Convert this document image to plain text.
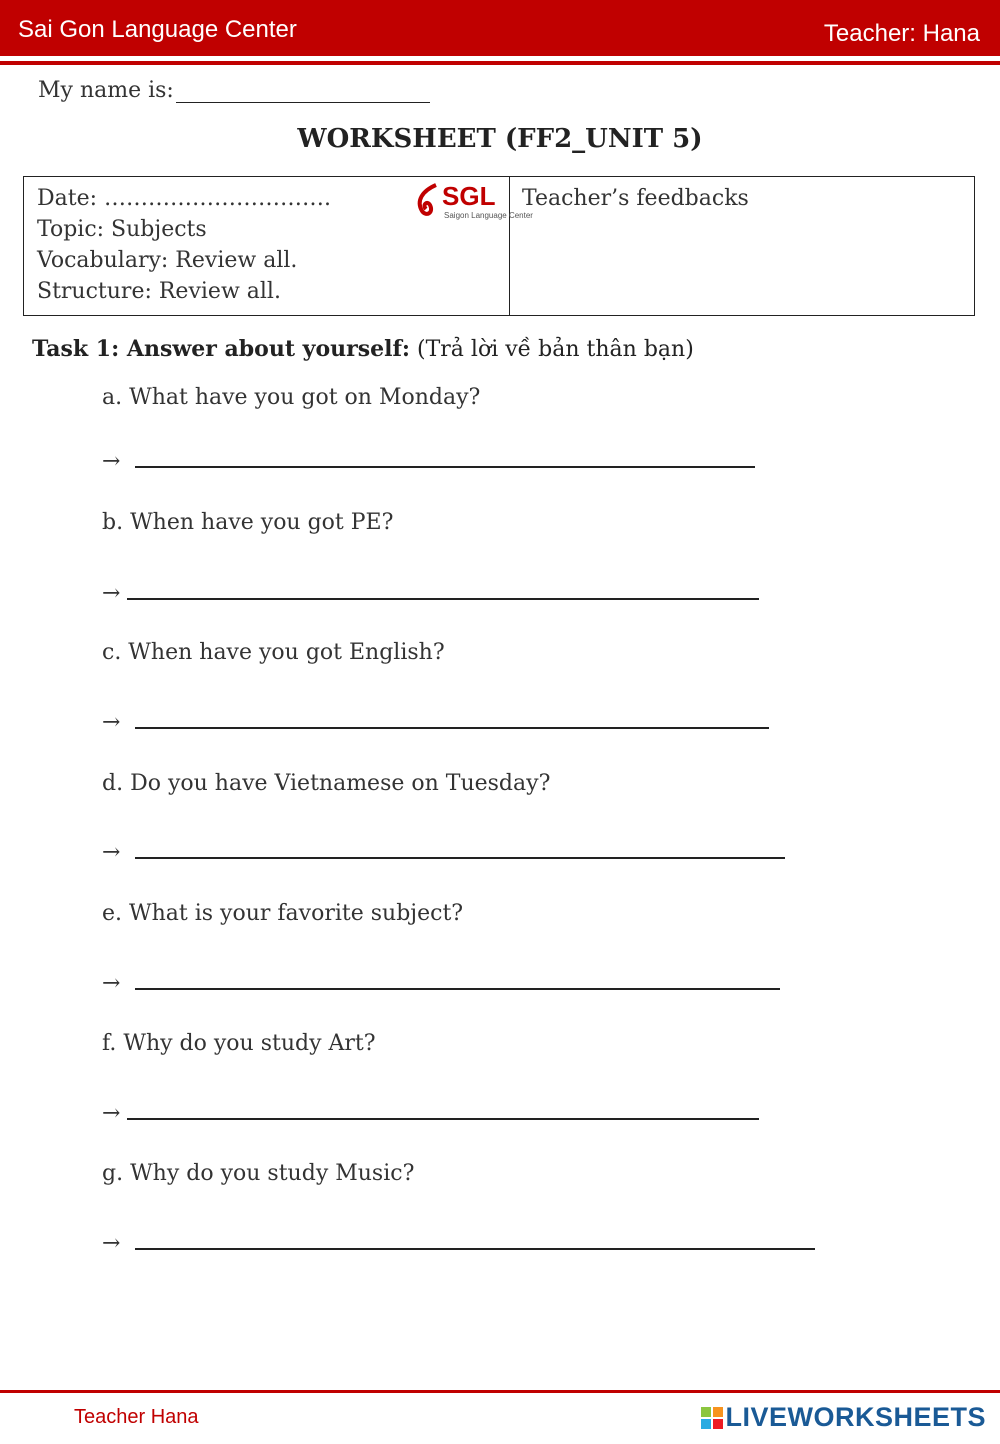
Sai Gon Language Center	Teacher: Hana
My name is:
WORKSHEET (FF2_UNIT 5)
Date: ………………………….
Topic: Subjects
Vocabulary: Review all.
Structure: Review all.
SGL
Saigon Language Center
Teacher’s feedbacks
Task 1: Answer about yourself: (Trả lời về bản thân bạn)
a. What have you got on Monday?
→
b. When have you got PE?
→
c. When have you got English?
→
d. Do you have Vietnamese on Tuesday?
→
e. What is your favorite subject?
→
f. Why do you study Art?
→
g. Why do you study Music?
→
Teacher Hana	LIVEWORKSHEETS
